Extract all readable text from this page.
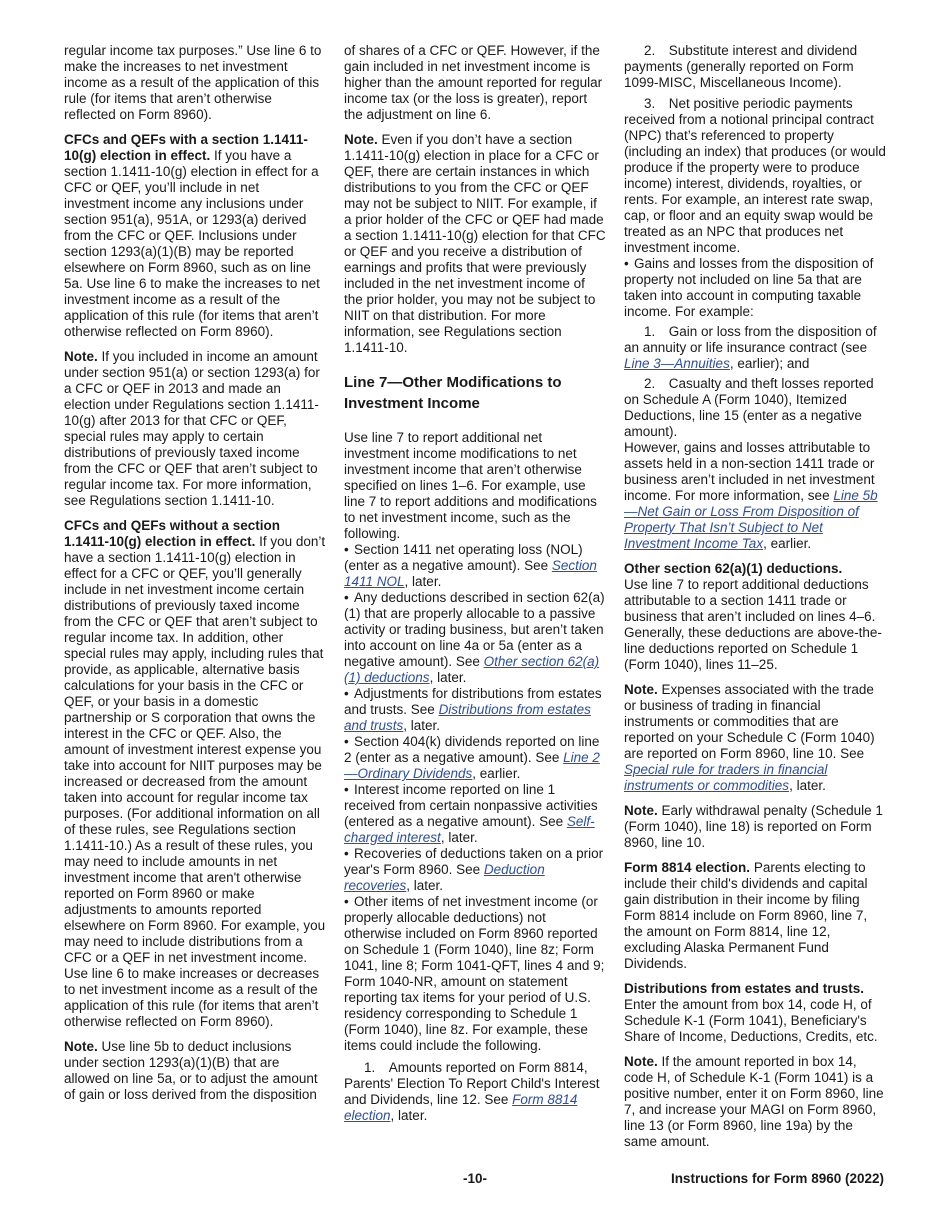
regular income tax purposes.” Use line 6 to make the increases to net investment income as a result of the application of this rule (for items that aren’t otherwise reflected on Form 8960).

CFCs and QEFs with a section 1.1411-10(g) election in effect. If you have a section 1.1411-10(g) election in effect for a CFC or QEF, you’ll include in net investment income any inclusions under section 951(a), 951A, or 1293(a) derived from the CFC or QEF. Inclusions under section 1293(a)(1)(B) may be reported elsewhere on Form 8960, such as on line 5a. Use line 6 to make the increases to net investment income as a result of the application of this rule (for items that aren’t otherwise reflected on Form 8960).

Note. If you included in income an amount under section 951(a) or section 1293(a) for a CFC or QEF in 2013 and made an election under Regulations section 1.1411-10(g) after 2013 for that CFC or QEF, special rules may apply to certain distributions of previously taxed income from the CFC or QEF that aren’t subject to regular income tax. For more information, see Regulations section 1.1411-10.

CFCs and QEFs without a section 1.1411-10(g) election in effect. If you don’t have a section 1.1411-10(g) election in effect for a CFC or QEF, you’ll generally include in net investment income certain distributions of previously taxed income from the CFC or QEF that aren’t subject to regular income tax. In addition, other special rules may apply, including rules that provide, as applicable, alternative basis calculations for your basis in the CFC or QEF, or your basis in a domestic partnership or S corporation that owns the interest in the CFC or QEF. Also, the amount of investment interest expense you take into account for NIIT purposes may be increased or decreased from the amount taken into account for regular income tax purposes. (For additional information on all of these rules, see Regulations section 1.1411-10.) As a result of these rules, you may need to include amounts in net investment income that aren't otherwise reported on Form 8960 or make adjustments to amounts reported elsewhere on Form 8960. For example, you may need to include distributions from a CFC or a QEF in net investment income. Use line 6 to make increases or decreases to net investment income as a result of the application of this rule (for items that aren’t otherwise reflected on Form 8960).

Note. Use line 5b to deduct inclusions under section 1293(a)(1)(B) that are allowed on line 5a, or to adjust the amount of gain or loss derived from the disposition

of shares of a CFC or QEF. However, if the gain included in net investment income is higher than the amount reported for regular income tax (or the loss is greater), report the adjustment on line 6.

Note. Even if you don’t have a section 1.1411-10(g) election in place for a CFC or QEF, there are certain instances in which distributions to you from the CFC or QEF may not be subject to NIIT. For example, if a prior holder of the CFC or QEF had made a section 1.1411-10(g) election for that CFC or QEF and you receive a distribution of earnings and profits that were previously included in the net investment income of the prior holder, you may not be subject to NIIT on that distribution. For more information, see Regulations section 1.1411-10.

Line 7—Other Modifications to Investment Income

Use line 7 to report additional net investment income modifications to net investment income that aren’t otherwise specified on lines 1–6. For example, use line 7 to report additions and modifications to net investment income, such as the following.

• Section 1411 net operating loss (NOL) (enter as a negative amount). See Section 1411 NOL, later.

• Any deductions described in section 62(a)(1) that are properly allocable to a passive activity or trading business, but aren’t taken into account on line 4a or 5a (enter as a negative amount). See Other section 62(a)(1) deductions, later.

• Adjustments for distributions from estates and trusts. See Distributions from estates and trusts, later.

• Section 404(k) dividends reported on line 2 (enter as a negative amount). See Line 2—Ordinary Dividends, earlier.

• Interest income reported on line 1 received from certain nonpassive activities (entered as a negative amount). See Self-charged interest, later.

• Recoveries of deductions taken on a prior year's Form 8960. See Deduction recoveries, later.

• Other items of net investment income (or properly allocable deductions) not otherwise included on Form 8960 reported on Schedule 1 (Form 1040), line 8z; Form 1041, line 8; Form 1041-QFT, lines 4 and 9; Form 1040-NR, amount on statement reporting tax items for your period of U.S. residency corresponding to Schedule 1 (Form 1040), line 8z. For example, these items could include the following.

1. Amounts reported on Form 8814, Parents' Election To Report Child's Interest and Dividends, line 12. See Form 8814 election, later.

2. Substitute interest and dividend payments (generally reported on Form 1099-MISC, Miscellaneous Income).

3. Net positive periodic payments received from a notional principal contract (NPC) that’s referenced to property (including an index) that produces (or would produce if the property were to produce income) interest, dividends, royalties, or rents. For example, an interest rate swap, cap, or floor and an equity swap would be treated as an NPC that produces net investment income.

• Gains and losses from the disposition of property not included on line 5a that are taken into account in computing taxable income. For example:

1. Gain or loss from the disposition of an annuity or life insurance contract (see Line 3—Annuities, earlier); and

2. Casualty and theft losses reported on Schedule A (Form 1040), Itemized Deductions, line 15 (enter as a negative amount).

However, gains and losses attributable to assets held in a non-section 1411 trade or business aren’t included in net investment income. For more information, see Line 5b—Net Gain or Loss From Disposition of Property That Isn’t Subject to Net Investment Income Tax, earlier.

Other section 62(a)(1) deductions.
Use line 7 to report additional deductions attributable to a section 1411 trade or business that aren’t included on lines 4–6. Generally, these deductions are above-the-line deductions reported on Schedule 1 (Form 1040), lines 11–25.

Note. Expenses associated with the trade or business of trading in financial instruments or commodities that are reported on your Schedule C (Form 1040) are reported on Form 8960, line 10. See Special rule for traders in financial instruments or commodities, later.

Note. Early withdrawal penalty (Schedule 1 (Form 1040), line 18) is reported on Form 8960, line 10.

Form 8814 election. Parents electing to include their child's dividends and capital gain distribution in their income by filing Form 8814 include on Form 8960, line 7, the amount on Form 8814, line 12, excluding Alaska Permanent Fund Dividends.

Distributions from estates and trusts.
Enter the amount from box 14, code H, of Schedule K-1 (Form 1041), Beneficiary's Share of Income, Deductions, Credits, etc.

Note. If the amount reported in box 14, code H, of Schedule K-1 (Form 1041) is a positive number, enter it on Form 8960, line 7, and increase your MAGI on Form 8960, line 13 (or Form 8960, line 19a) by the same amount.

-10-	Instructions for Form 8960 (2022)
